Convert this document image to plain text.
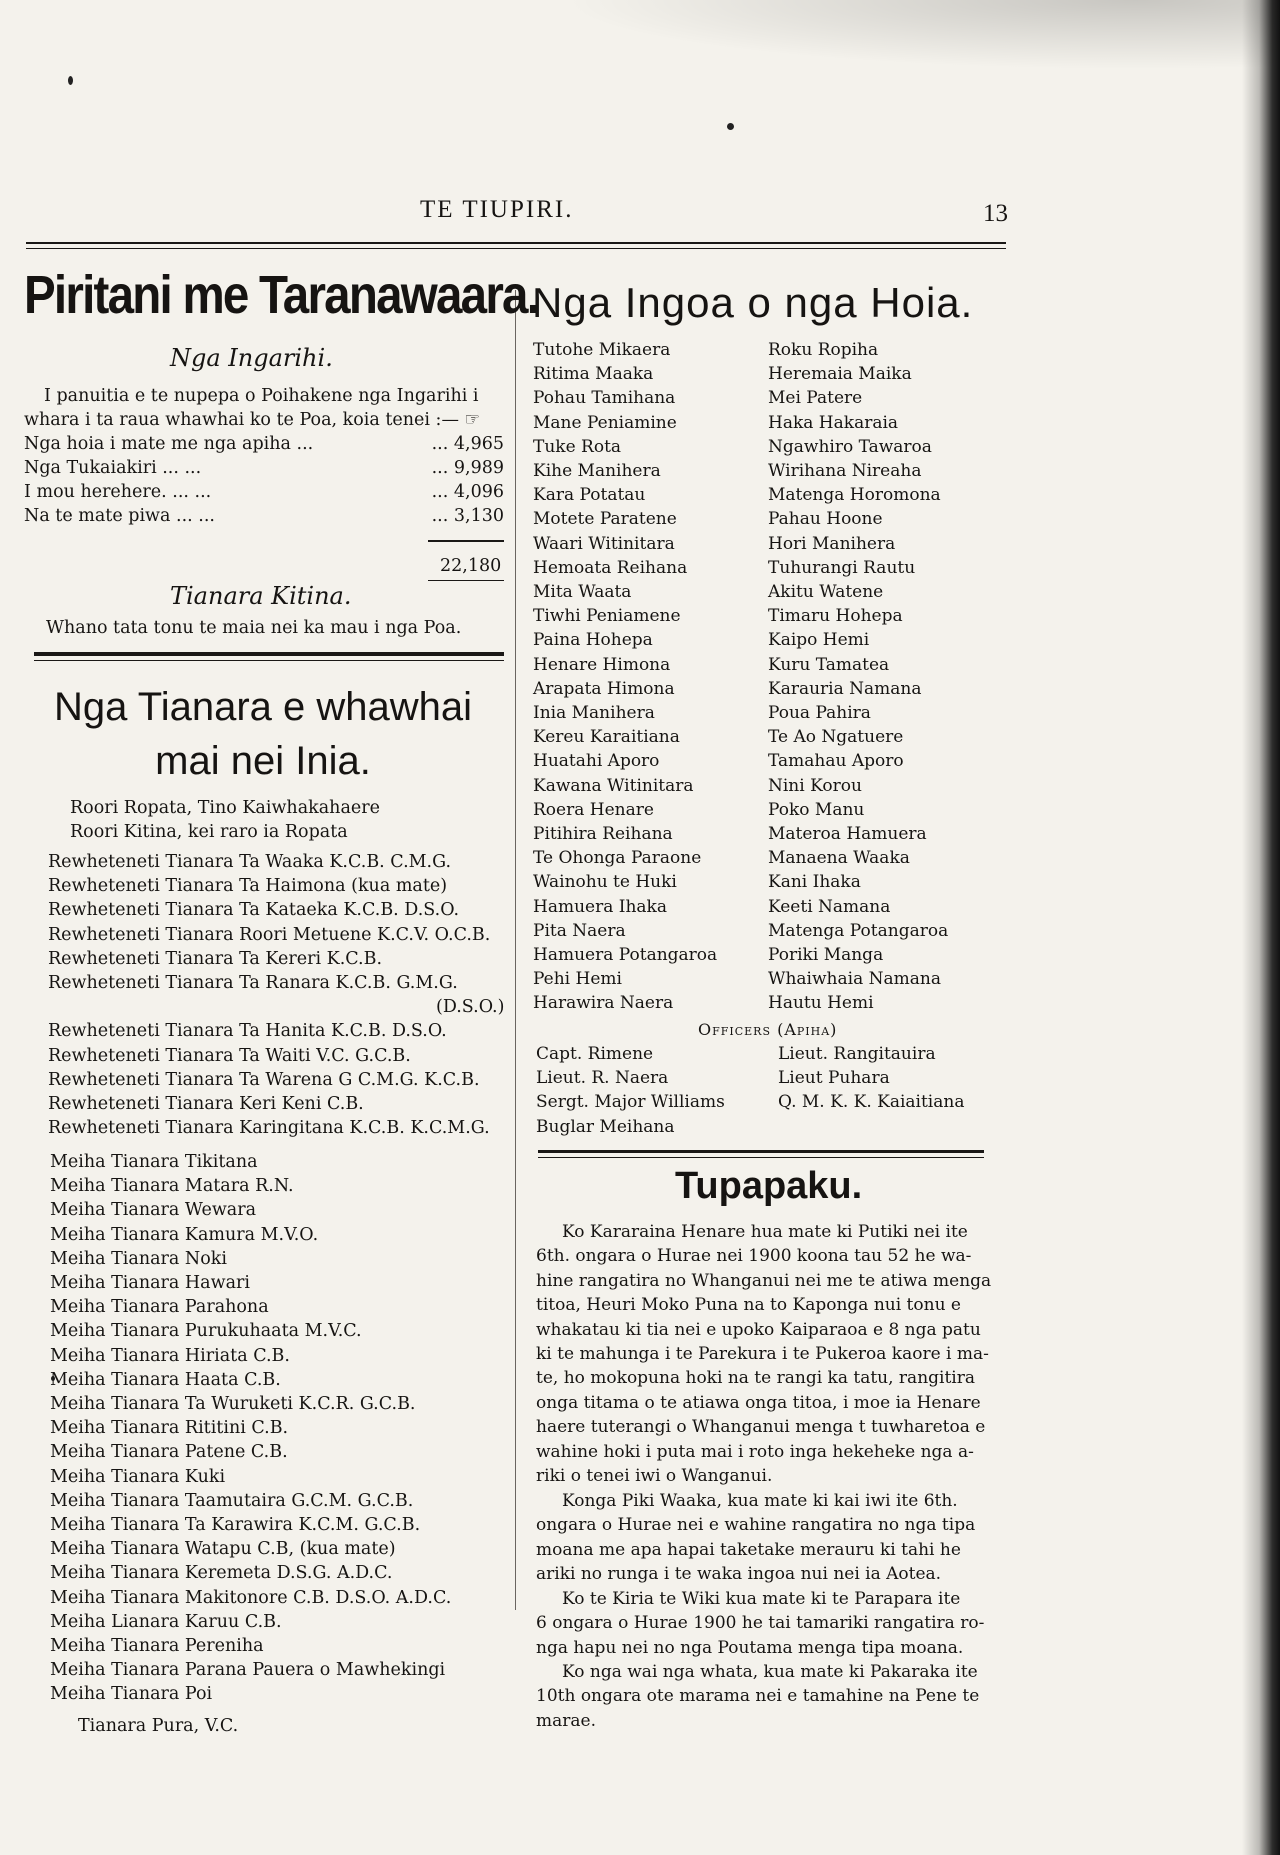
TE TIUPIRI.	13
Piritani me Taranawaara.
Nga Ingarihi.
I panuitia e te nupepa o Poihakene nga Ingarihi i
whara i ta raua whawhai ko te Poa, koia tenei :— ☞
Nga hoia i mate me nga apiha ...	... 4,965
Nga Tukaiakiri ... ...	... 9,989
I mou herehere. ... ...	... 4,096
Na te mate piwa ... ...	... 3,130
22,180
Tianara Kitina.
Whano tata tonu te maia nei ka mau i nga Poa.
Nga Tianara e whawhai
mai nei Inia.
Roori Ropata, Tino Kaiwhakahaere
Roori Kitina, kei raro ia Ropata
Rewheteneti Tianara Ta Waaka K.C.B. C.M.G.
Rewheteneti Tianara Ta Haimona (kua mate)
Rewheteneti Tianara Ta Kataeka K.C.B. D.S.O.
Rewheteneti Tianara Roori Metuene K.C.V. O.C.B.
Rewheteneti Tianara Ta Kereri K.C.B.
Rewheteneti Tianara Ta Ranara K.C.B. G.M.G.
(D.S.O.)
Rewheteneti Tianara Ta Hanita K.C.B. D.S.O.
Rewheteneti Tianara Ta Waiti V.C. G.C.B.
Rewheteneti Tianara Ta Warena G C.M.G. K.C.B.
Rewheteneti Tianara Keri Keni C.B.
Rewheteneti Tianara Karingitana K.C.B. K.C.M.G.
Meiha Tianara Tikitana
Meiha Tianara Matara R.N.
Meiha Tianara Wewara
Meiha Tianara Kamura M.V.O.
Meiha Tianara Noki
Meiha Tianara Hawari
Meiha Tianara Parahona
Meiha Tianara Purukuhaata M.V.C.
Meiha Tianara Hiriata C.B.
Meiha Tianara Haata C.B.
Meiha Tianara Ta Wuruketi K.C.R. G.C.B.
Meiha Tianara Rititini C.B.
Meiha Tianara Patene C.B.
Meiha Tianara Kuki
Meiha Tianara Taamutaira G.C.M. G.C.B.
Meiha Tianara Ta Karawira K.C.M. G.C.B.
Meiha Tianara Watapu C.B, (kua mate)
Meiha Tianara Keremeta D.S.G. A.D.C.
Meiha Tianara Makitonore C.B. D.S.O. A.D.C.
Meiha Lianara Karuu C.B.
Meiha Tianara Pereniha
Meiha Tianara Parana Pauera o Mawhekingi
Meiha Tianara Poi
Tianara Pura, V.C.
Nga Ingoa o nga Hoia.
Tutohe Mikaera
Ritima Maaka
Pohau Tamihana
Mane Peniamine
Tuke Rota
Kihe Manihera
Kara Potatau
Motete Paratene
Waari Witinitara
Hemoata Reihana
Mita Waata
Tiwhi Peniamene
Paina Hohepa
Henare Himona
Arapata Himona
Inia Manihera
Kereu Karaitiana
Huatahi Aporo
Kawana Witinitara
Roera Henare
Pitihira Reihana
Te Ohonga Paraone
Wainohu te Huki
Hamuera Ihaka
Pita Naera
Hamuera Potangaroa
Pehi Hemi
Harawira Naera
Roku Ropiha
Heremaia Maika
Mei Patere
Haka Hakaraia
Ngawhiro Tawaroa
Wirihana Nireaha
Matenga Horomona
Pahau Hoone
Hori Manihera
Tuhurangi Rautu
Akitu Watene
Timaru Hohepa
Kaipo Hemi
Kuru Tamatea
Karauria Namana
Poua Pahira
Te Ao Ngatuere
Tamahau Aporo
Nini Korou
Poko Manu
Materoa Hamuera
Manaena Waaka
Kani Ihaka
Keeti Namana
Matenga Potangaroa
Poriki Manga
Whaiwhaia Namana
Hautu Hemi
Officers (Apiha)
Capt. Rimene
Lieut. R. Naera
Sergt. Major Williams
Buglar Meihana
Lieut. Rangitauira
Lieut Puhara
Q. M. K. K. Kaiaitiana
Tupapaku.
Ko Kararaina Henare hua mate ki Putiki nei ite
6th. ongara o Hurae nei 1900 koona tau 52 he wa-
hine rangatira no Whanganui nei me te atiwa menga
titoa, Heuri Moko Puna na to Kaponga nui tonu e
whakatau ki tia nei e upoko Kaiparaoa e 8 nga patu
ki te mahunga i te Parekura i te Pukeroa kaore i ma-
te, ho mokopuna hoki na te rangi ka tatu, rangitira
onga titama o te atiawa onga titoa, i moe ia Henare
haere tuterangi o Whanganui menga t tuwharetoa e
wahine hoki i puta mai i roto inga hekeheke nga a-
riki o tenei iwi o Wanganui.
Konga Piki Waaka, kua mate ki kai iwi ite 6th.
ongara o Hurae nei e wahine rangatira no nga tipa
moana me apa hapai taketake merauru ki tahi he
ariki no runga i te waka ingoa nui nei ia Aotea.
Ko te Kiria te Wiki kua mate ki te Parapara ite
6 ongara o Hurae 1900 he tai tamariki rangatira ro-
nga hapu nei no nga Poutama menga tipa moana.
Ko nga wai nga whata, kua mate ki Pakaraka ite
10th ongara ote marama nei e tamahine na Pene te
marae.
